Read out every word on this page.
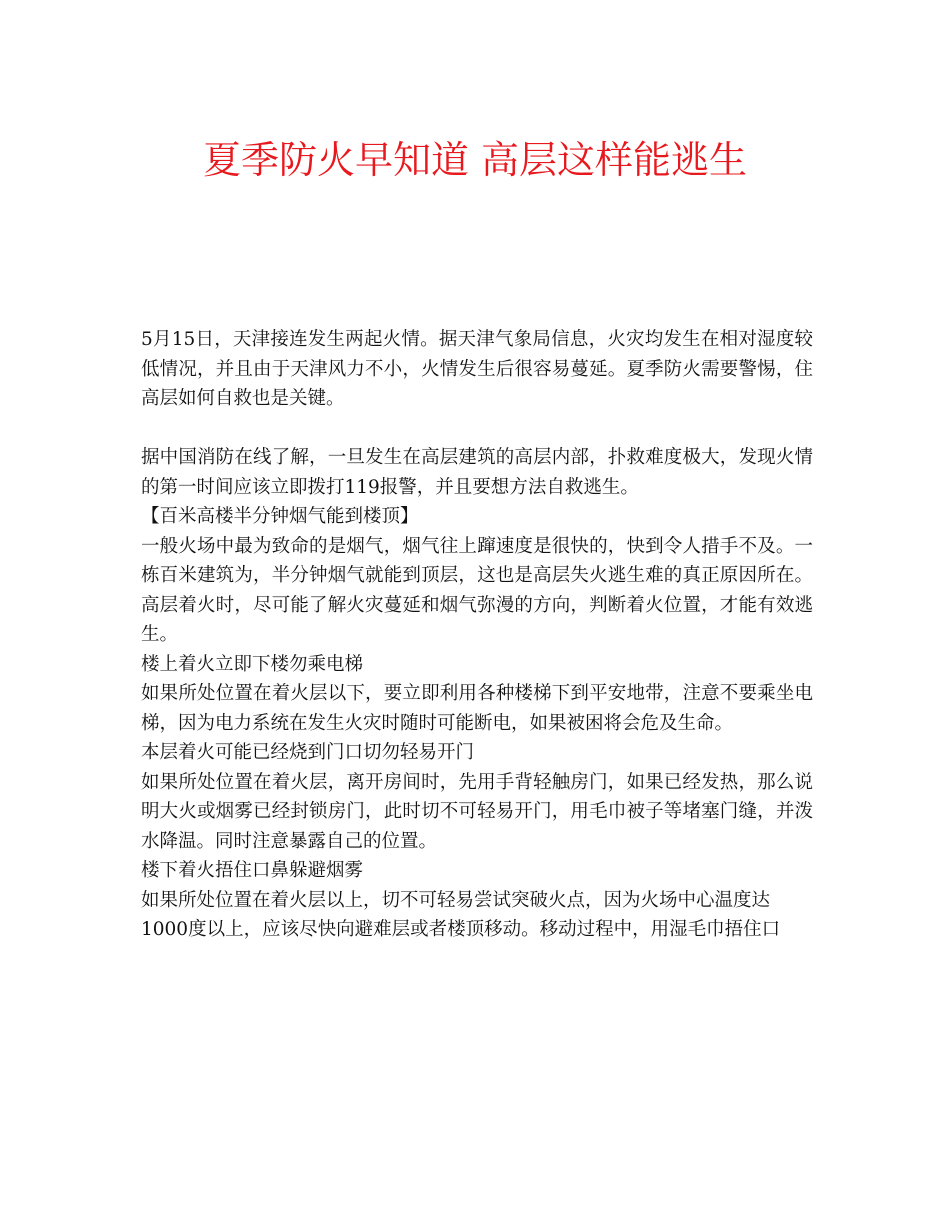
夏季防火早知道 高层这样能逃生

5月15日，天津接连发生两起火情。据天津气象局信息，火灾均发生在相对湿度较低情况，并且由于天津风力不小，火情发生后很容易蔓延。夏季防火需要警惕，住高层如何自救也是关键。

据中国消防在线了解，一旦发生在高层建筑的高层内部，扑救难度极大，发现火情的第一时间应该立即拨打119报警，并且要想方法自救逃生。

【百米高楼半分钟烟气能到楼顶】

一般火场中最为致命的是烟气，烟气往上蹿速度是很快的，快到令人措手不及。一栋百米建筑为，半分钟烟气就能到顶层，这也是高层失火逃生难的真正原因所在。高层着火时，尽可能了解火灾蔓延和烟气弥漫的方向，判断着火位置，才能有效逃生。

楼上着火立即下楼勿乘电梯

如果所处位置在着火层以下，要立即利用各种楼梯下到平安地带，注意不要乘坐电梯，因为电力系统在发生火灾时随时可能断电，如果被困将会危及生命。

本层着火可能已经烧到门口切勿轻易开门

如果所处位置在着火层，离开房间时，先用手背轻触房门，如果已经发热，那么说明大火或烟雾已经封锁房门，此时切不可轻易开门，用毛巾被子等堵塞门缝，并泼水降温。同时注意暴露自己的位置。

楼下着火捂住口鼻躲避烟雾

如果所处位置在着火层以上，切不可轻易尝试突破火点，因为火场中心温度达
1000度以上，应该尽快向避难层或者楼顶移动。移动过程中，用湿毛巾捂住口
